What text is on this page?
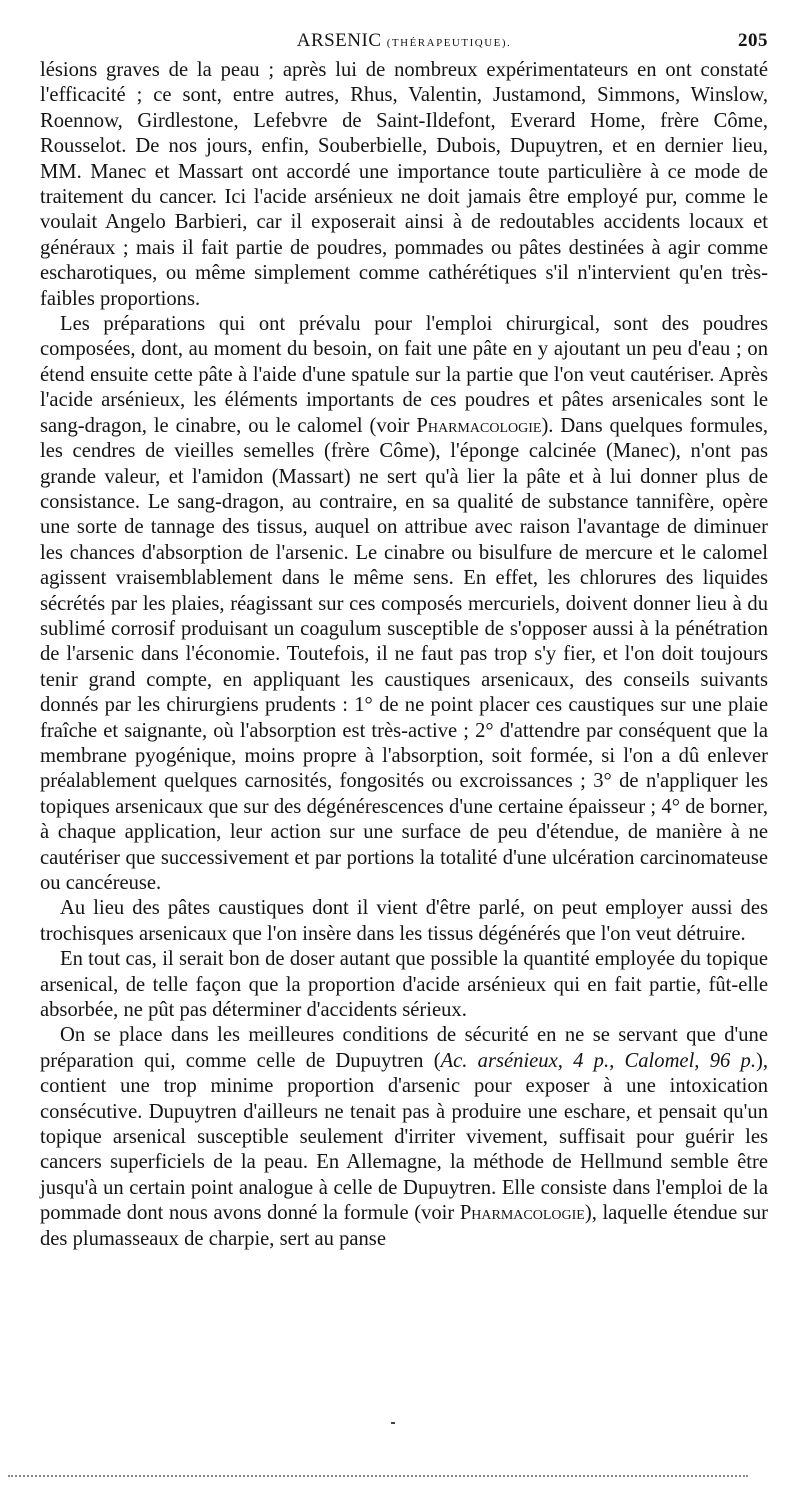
ARSENIC (THÉRAPEUTIQUE).	205

lésions graves de la peau ; après lui de nombreux expérimentateurs en ont constaté l'efficacité ; ce sont, entre autres, Rhus, Valentin, Justamond, Simmons, Winslow, Roennow, Girdlestone, Lefebvre de Saint-Ildefont, Everard Home, frère Côme, Rousselot. De nos jours, enfin, Souberbielle, Dubois, Dupuytren, et en dernier lieu, MM. Manec et Massart ont accordé une importance toute particulière à ce mode de traitement du cancer. Ici l'acide arsénieux ne doit jamais être employé pur, comme le voulait Angelo Barbieri, car il exposerait ainsi à de redoutables accidents locaux et généraux ; mais il fait partie de poudres, pommades ou pâtes destinées à agir comme escharotiques, ou même simplement comme cathérétiques s'il n'intervient qu'en très-faibles proportions.

Les préparations qui ont prévalu pour l'emploi chirurgical, sont des poudres composées, dont, au moment du besoin, on fait une pâte en y ajoutant un peu d'eau ; on étend ensuite cette pâte à l'aide d'une spatule sur la partie que l'on veut cautériser. Après l'acide arsénieux, les éléments importants de ces poudres et pâtes arsenicales sont le sang-dragon, le cinabre, ou le calomel (voir Pharmacologie). Dans quelques formules, les cendres de vieilles semelles (frère Côme), l'éponge calcinée (Manec), n'ont pas grande valeur, et l'amidon (Massart) ne sert qu'à lier la pâte et à lui donner plus de consistance. Le sang-dragon, au contraire, en sa qualité de substance tannifère, opère une sorte de tannage des tissus, auquel on attribue avec raison l'avantage de diminuer les chances d'absorption de l'arsenic. Le cinabre ou bisulfure de mercure et le calomel agissent vraisemblablement dans le même sens. En effet, les chlorures des liquides sécrétés par les plaies, réagissant sur ces composés mercuriels, doivent donner lieu à du sublimé corrosif produisant un coagulum susceptible de s'opposer aussi à la pénétration de l'arsenic dans l'économie. Toutefois, il ne faut pas trop s'y fier, et l'on doit toujours tenir grand compte, en appliquant les caustiques arsenicaux, des conseils suivants donnés par les chirurgiens prudents : 1° de ne point placer ces caustiques sur une plaie fraîche et saignante, où l'absorption est très-active ; 2° d'attendre par conséquent que la membrane pyogénique, moins propre à l'absorption, soit formée, si l'on a dû enlever préalablement quelques carnosités, fongosités ou excroissances ; 3° de n'appliquer les topiques arsenicaux que sur des dégénérescences d'une certaine épaisseur ; 4° de borner, à chaque application, leur action sur une surface de peu d'étendue, de manière à ne cautériser que successivement et par portions la totalité d'une ulcération carcinomateuse ou cancéreuse.

Au lieu des pâtes caustiques dont il vient d'être parlé, on peut employer aussi des trochisques arsenicaux que l'on insère dans les tissus dégénérés que l'on veut détruire.

En tout cas, il serait bon de doser autant que possible la quantité employée du topique arsenical, de telle façon que la proportion d'acide arsénieux qui en fait partie, fût-elle absorbée, ne pût pas déterminer d'accidents sérieux.

On se place dans les meilleures conditions de sécurité en ne se servant que d'une préparation qui, comme celle de Dupuytren (Ac. arsénieux, 4 p., Calomel, 96 p.), contient une trop minime proportion d'arsenic pour exposer à une intoxication consécutive. Dupuytren d'ailleurs ne tenait pas à produire une eschare, et pensait qu'un topique arsenical susceptible seulement d'irriter vivement, suffisait pour guérir les cancers superficiels de la peau. En Allemagne, la méthode de Hellmund semble être jusqu'à un certain point analogue à celle de Dupuytren. Elle consiste dans l'emploi de la pommade dont nous avons donné la formule (voir Pharmacologie), laquelle étendue sur des plumasseaux de charpie, sert au panse
